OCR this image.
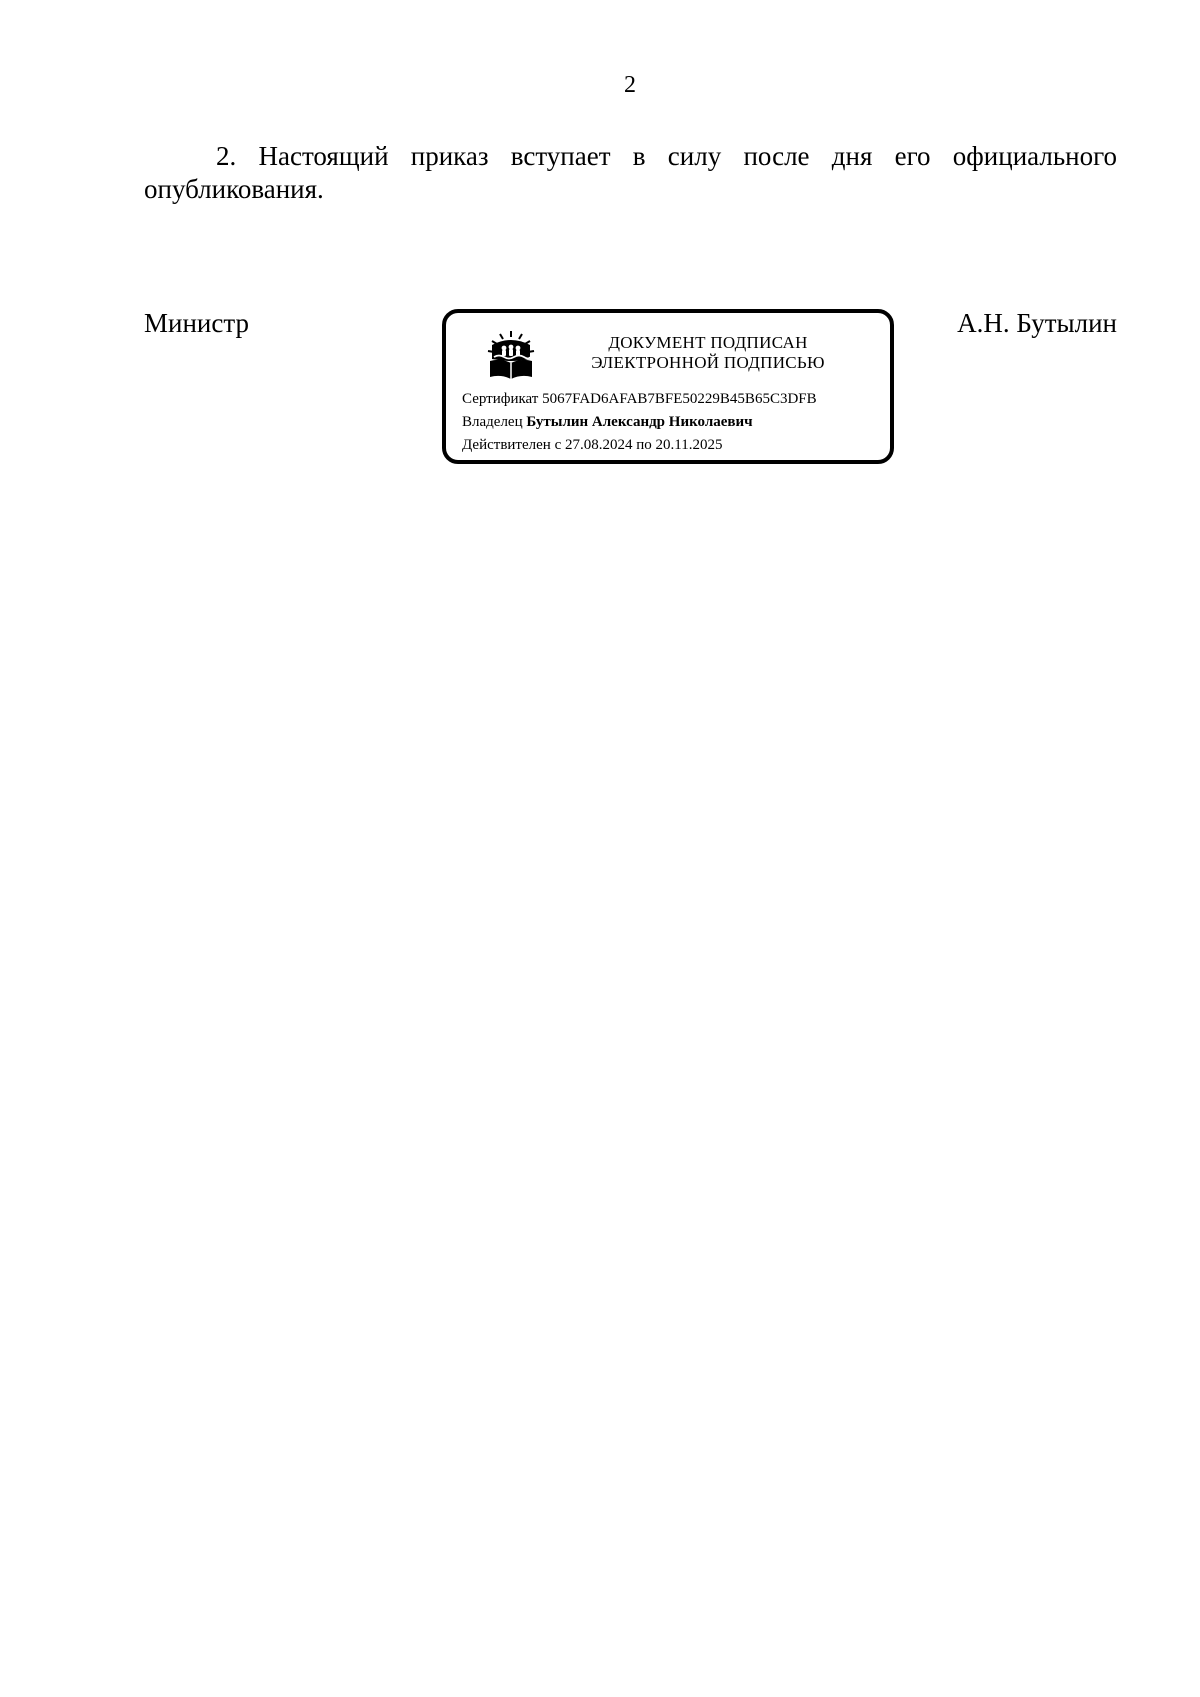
2
2. Настоящий приказ вступает в силу после дня его официального
опубликования.
Министр
ДОКУМЕНТ ПОДПИСАН
ЭЛЕКТРОННОЙ ПОДПИСЬЮ
Сертификат 5067FAD6AFAB7BFE50229B45B65C3DFB
Владелец Бутылин Александр Николаевич
Действителен с 27.08.2024 по 20.11.2025
А.Н. Бутылин
